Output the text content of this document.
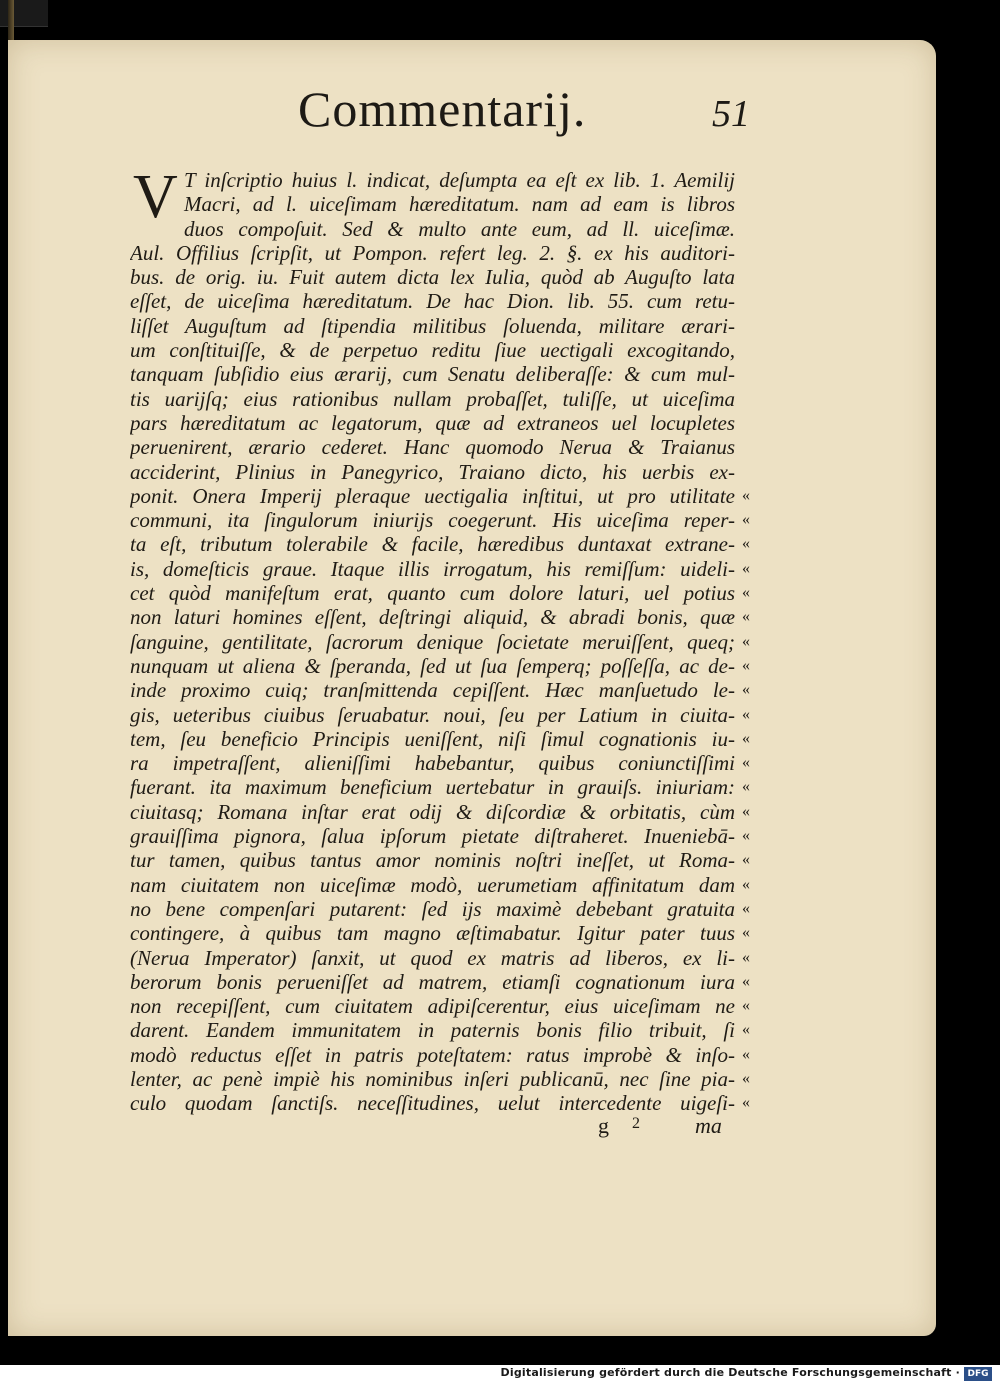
Commentarij.	51
V T inſcriptio huius l. indicat, deſumpta ea eſt ex lib. 1. Aemilij
Macri, ad l. uiceſimam hæreditatum. nam ad eam is libros
duos compoſuit. Sed & multo ante eum, ad ll. uiceſimæ.
Aul. Offilius ſcripſit, ut Pompon. refert leg. 2. §. ex his auditori-
bus. de orig. iu. Fuit autem dicta lex Iulia, quòd ab Auguſto lata
eſſet, de uiceſima hæreditatum. De hac Dion. lib. 55. cum retu-
liſſet Auguſtum ad ſtipendia militibus ſoluenda, militare ærari-
um conſtituiſſe, & de perpetuo reditu ſiue uectigali excogitando,
tanquam ſubſidio eius ærarij, cum Senatu deliberaſſe: & cum mul-
tis uarijſq; eius rationibus nullam probaſſet, tuliſſe, ut uiceſima
pars hæreditatum ac legatorum, quæ ad extraneos uel locupletes
peruenirent, ærario cederet. Hanc quomodo Nerua & Traianus
acciderint, Plinius in Panegyrico, Traiano dicto, his uerbis ex-
ponit. Onera Imperij pleraque uectigalia inſtitui, ut pro utilitate
communi, ita ſingulorum iniurijs coegerunt. His uiceſima reper-
ta eſt, tributum tolerabile & facile, hæredibus duntaxat extrane-
is, domeſticis graue. Itaque illis irrogatum, his remiſſum: uideli-
cet quòd manifeſtum erat, quanto cum dolore laturi, uel potius
non laturi homines eſſent, deſtringi aliquid, & abradi bonis, quæ
ſanguine, gentilitate, ſacrorum denique ſocietate meruiſſent, queq;
nunquam ut aliena & ſperanda, ſed ut ſua ſemperq; poſſeſſa, ac de-
inde proximo cuiq; tranſmittenda cepiſſent. Hæc manſuetudo le-
gis, ueteribus ciuibus ſeruabatur. noui, ſeu per Latium in ciuita-
tem, ſeu beneficio Principis ueniſſent, niſi ſimul cognationis iu-
ra impetraſſent, alieniſſimi habebantur, quibus coniunctiſſimi
fuerant. ita maximum beneficium uertebatur in grauiſs. iniuriam:
ciuitasq; Romana inſtar erat odij & diſcordiæ & orbitatis, cùm
grauiſſima pignora, ſalua ipſorum pietate diſtraheret. Inueniebā-
tur tamen, quibus tantus amor nominis noſtri ineſſet, ut Roma-
nam ciuitatem non uiceſimæ modò, uerumetiam affinitatum dam
no bene compenſari putarent: ſed ijs maximè debebant gratuita
contingere, à quibus tam magno æſtimabatur. Igitur pater tuus
(Nerua Imperator) ſanxit, ut quod ex matris ad liberos, ex li-
berorum bonis perueniſſet ad matrem, etiamſi cognationum iura
non recepiſſent, cum ciuitatem adipiſcerentur, eius uiceſimam ne
darent. Eandem immunitatem in paternis bonis filio tribuit, ſi
modò reductus eſſet in patris poteſtatem: ratus improbè & inſo-
lenter, ac penè impiè his nominibus inſeri publicanū, nec ſine pia-
culo quodam ſanctiſs. neceſſitudines, uelut intercedente uigeſi-
«
«
«
«
«
«
«
«
«
«
«
«
«
«
«
«
«
«
«
«
«
«
«
«
«
«
g 2	ma
Digitalisierung gefördert durch die Deutsche Forschungsgemeinschaft · DFG
